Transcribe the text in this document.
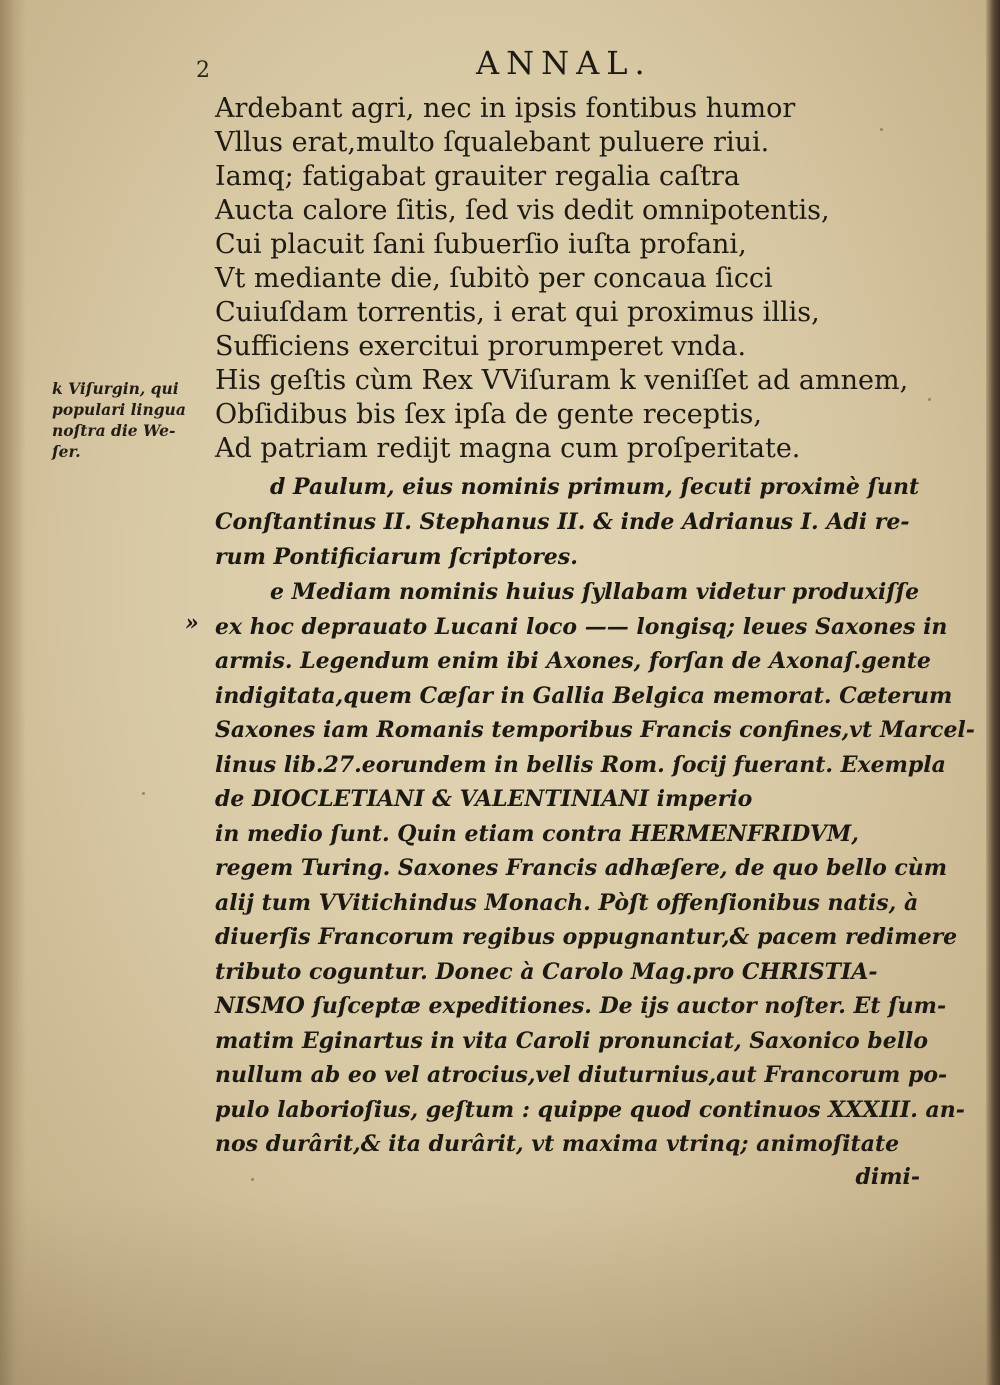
2	ANNAL.
Ardebant agri, nec in ipsis fontibus humor
Vllus erat,multo ſqualebant puluere riui.
Iamq; fatigabat grauiter regalia caſtra
Aucta calore ſitis, ſed vis dedit omnipotentis,
Cui placuit ſani ſubuerſio iuſta profani,
Vt mediante die, ſubitò per concaua ſicci
Cuiuſdam torrentis, i erat qui proximus illis,
Sufficiens exercitui prorumperet vnda.
His geſtis cùm Rex VViſuram k veniſſet ad amnem,
Obſidibus bis ſex ipſa de gente receptis,
Ad patriam redijt magna cum proſperitate.
k Viſurgin, qui
populari lingua
noſtra die We-
ſer.
d Paulum, eius nominis primum, ſecuti proximè ſunt
Conſtantinus II. Stephanus II. & inde Adrianus I. Adi re-
rum Pontificiarum ſcriptores.
e Mediam nominis huius ſyllabam videtur produxiſſe
» ex hoc deprauato Lucani loco —— longisq; leues Saxones in
armis. Legendum enim ibi Axones, forſan de Axonaſ.gente
indigitata,quem Cæſar in Gallia Belgica memorat. Cæterum
Saxones iam Romanis temporibus Francis confines,vt Marcel-
linus lib.27.eorundem in bellis Rom. ſocij fuerant. Exempla
de DIOCLETIANI & VALENTINIANI imperio
in medio ſunt. Quin etiam contra HERMENFRIDVM,
regem Turing. Saxones Francis adhæſere, de quo bello cùm
alij tum VVitichindus Monach. Pòſt offenſionibus natis, à
diuerſis Francorum regibus oppugnantur,& pacem redimere
tributo coguntur. Donec à Carolo Mag.pro CHRISTIA-
NISMO ſuſceptæ expeditiones. De ijs auctor noſter. Et ſum-
matim Eginartus in vita Caroli pronunciat, Saxonico bello
nullum ab eo vel atrocius,vel diuturnius,aut Francorum po-
pulo laborioſius, geſtum : quippe quod continuos XXXIII. an-
nos durârit,& ita durârit, vt maxima vtrinq; animoſitate
dimi-
